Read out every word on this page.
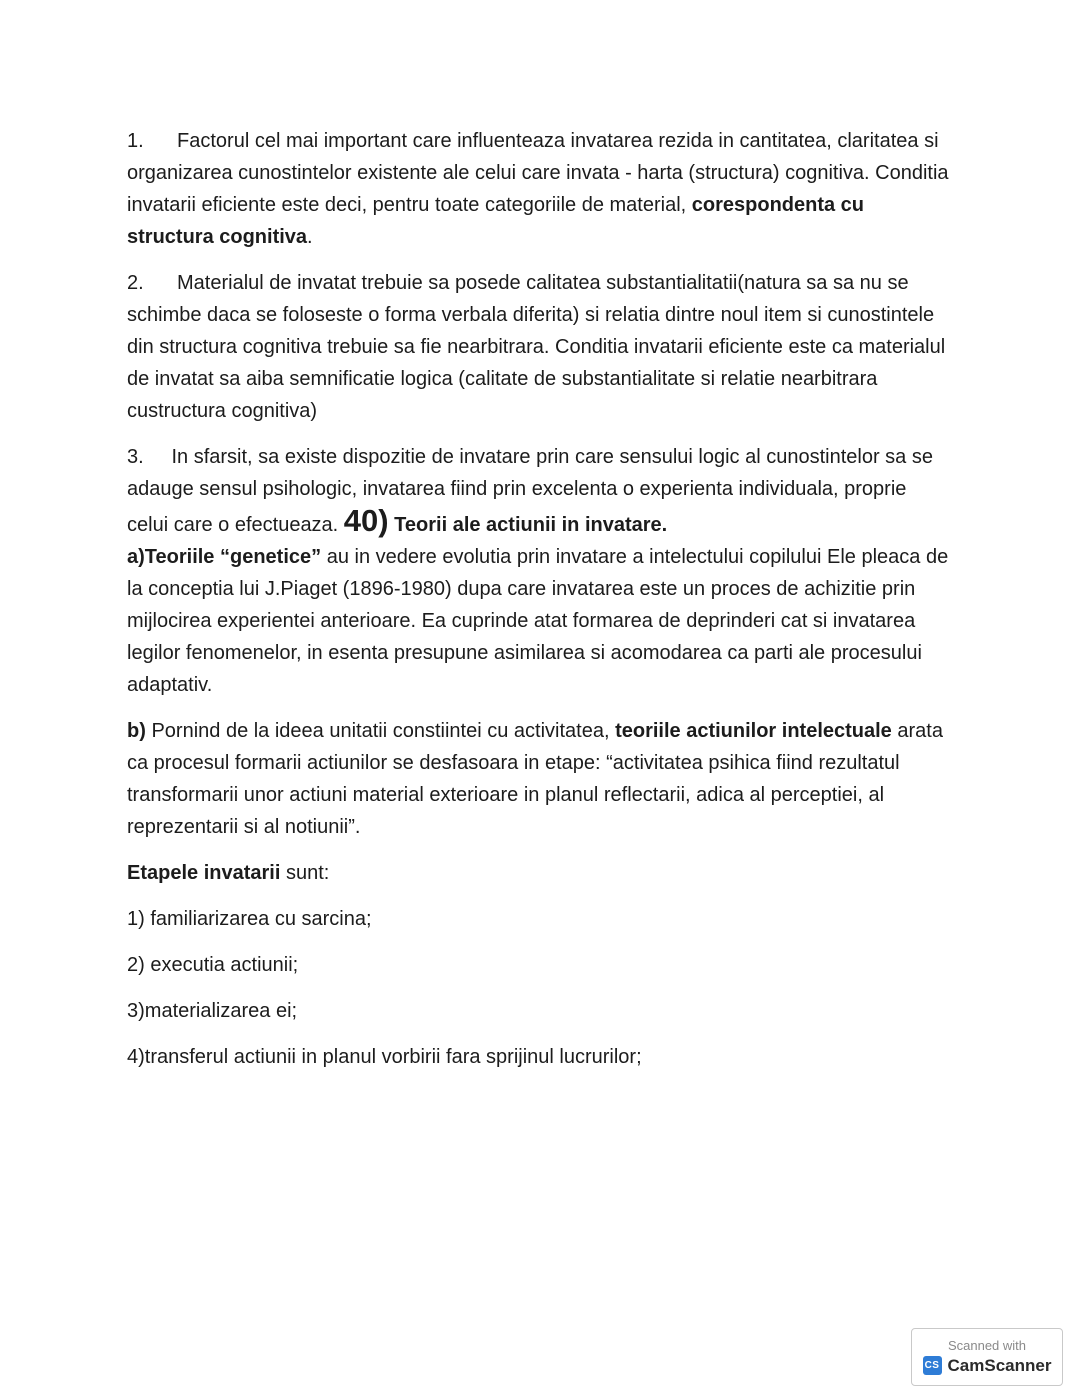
1.      Factorul cel mai important care influenteaza invatarea rezida in cantitatea, claritatea si organizarea cunostintelor existente ale celui care invata - harta (structura) cognitiva. Conditia invatarii eficiente este deci, pentru toate categoriile de material, corespondenta cu structura cognitiva.

2.      Materialul de invatat trebuie sa posede calitatea substantialitatii(natura sa sa nu se schimbe daca se foloseste o forma verbala diferita) si relatia dintre noul item si cunostintele din structura cognitiva trebuie sa fie nearbitrara. Conditia invatarii eficiente este ca materialul de invatat sa aiba semnificatie logica (calitate de substantialitate si relatie nearbitrara custructura cognitiva)

3.     In sfarsit, sa existe dispozitie de invatare prin care sensului logic al cunostintelor sa se adauge sensul psihologic, invatarea fiind prin excelenta o experienta individuala, proprie celui care o efectueaza. 40) Teorii ale actiunii in invatare.

a)Teoriile “genetice” au in vedere evolutia prin invatare a intelectului copilului Ele pleaca de la conceptia lui J.Piaget (1896-1980) dupa care invatarea este un proces de achizitie prin mijlocirea experientei anterioare. Ea cuprinde atat formarea de deprinderi cat si invatarea legilor fenomenelor, in esenta presupune asimilarea si acomodarea ca parti ale procesului adaptativ.

b) Pornind de la ideea unitatii constiintei cu activitatea, teoriile actiunilor intelectuale arata ca procesul formarii actiunilor se desfasoara in etape: “activitatea psihica fiind rezultatul transformarii unor actiuni material exterioare in planul reflectarii, adica al perceptiei, al reprezentarii si al notiunii”.

Etapele invatarii sunt:

1) familiarizarea cu sarcina;

2) executia actiunii;

3)materializarea ei;

4)transferul actiunii in planul vorbirii fara sprijinul lucrurilor;

Scanned with
CS CamScanner
